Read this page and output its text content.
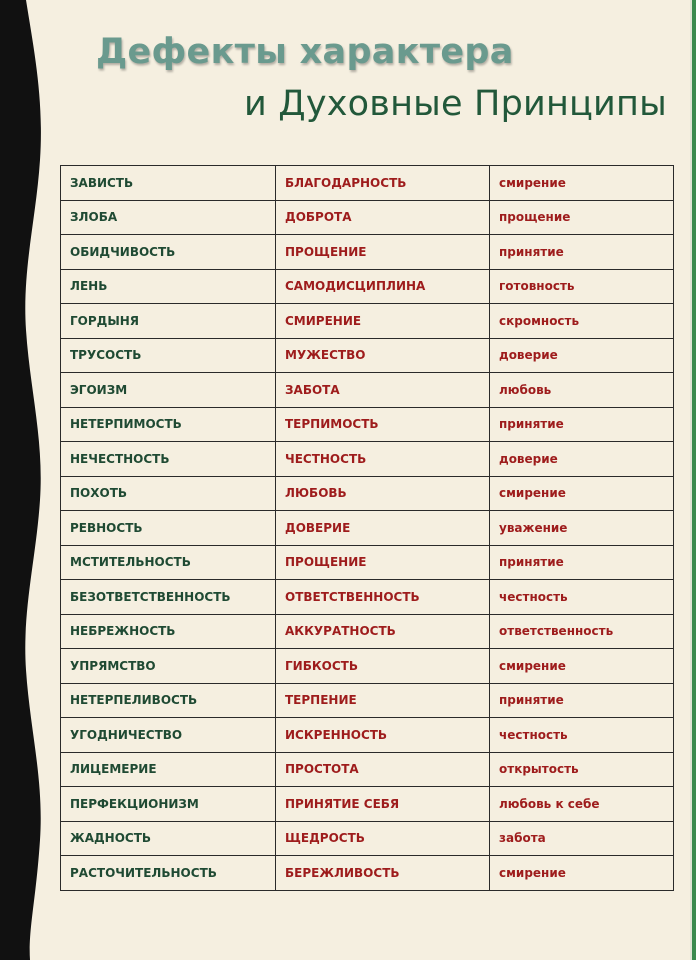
Дефекты характера
и Духовные Принципы
ЗАВИСТЬ	БЛАГОДАРНОСТЬ	смирение
ЗЛОБА	ДОБРОТА	прощение
ОБИДЧИВОСТЬ	ПРОЩЕНИЕ	принятие
ЛЕНЬ	САМОДИСЦИПЛИНА	готовность
ГОРДЫНЯ	СМИРЕНИЕ	скромность
ТРУСОСТЬ	МУЖЕСТВО	доверие
ЭГОИЗМ	ЗАБОТА	любовь
НЕТЕРПИМОСТЬ	ТЕРПИМОСТЬ	принятие
НЕЧЕСТНОСТЬ	ЧЕСТНОСТЬ	доверие
ПОХОТЬ	ЛЮБОВЬ	смирение
РЕВНОСТЬ	ДОВЕРИЕ	уважение
МСТИТЕЛЬНОСТЬ	ПРОЩЕНИЕ	принятие
БЕЗОТВЕТСТВЕННОСТЬ	ОТВЕТСТВЕННОСТЬ	честность
НЕБРЕЖНОСТЬ	АККУРАТНОСТЬ	ответственность
УПРЯМСТВО	ГИБКОСТЬ	смирение
НЕТЕРПЕЛИВОСТЬ	ТЕРПЕНИЕ	принятие
УГОДНИЧЕСТВО	ИСКРЕННОСТЬ	честность
ЛИЦЕМЕРИЕ	ПРОСТОТА	открытость
ПЕРФЕКЦИОНИЗМ	ПРИНЯТИЕ СЕБЯ	любовь к себе
ЖАДНОСТЬ	ЩЕДРОСТЬ	забота
РАСТОЧИТЕЛЬНОСТЬ	БЕРЕЖЛИВОСТЬ	смирение
